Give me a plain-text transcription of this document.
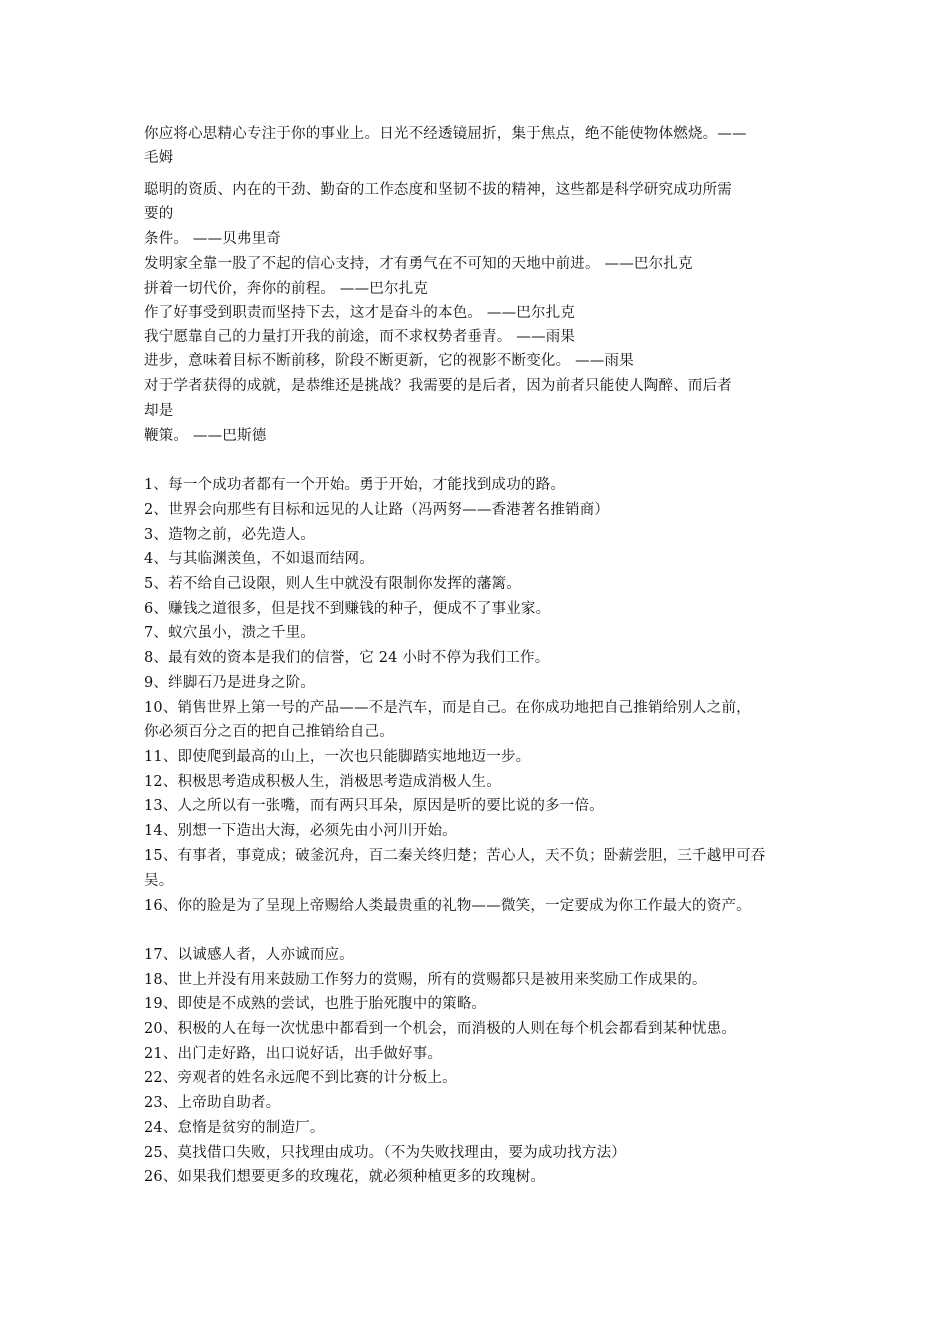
你应将心思精心专注于你的事业上。日光不经透镜屈折，集于焦点，绝不能使物体燃烧。——
毛姆
聪明的资质、内在的干劲、勤奋的工作态度和坚韧不拔的精神，这些都是科学研究成功所需
要的
条件。 ——贝弗里奇
发明家全靠一股了不起的信心支持，才有勇气在不可知的天地中前进。 ——巴尔扎克
拼着一切代价，奔你的前程。 ——巴尔扎克
作了好事受到职责而坚持下去，这才是奋斗的本色。 ——巴尔扎克
我宁愿靠自己的力量打开我的前途，而不求权势者垂青。 ——雨果
进步，意味着目标不断前移，阶段不断更新，它的视影不断变化。 ——雨果
对于学者获得的成就，是恭维还是挑战？我需要的是后者，因为前者只能使人陶醉、而后者
却是
鞭策。 ——巴斯德
1、每一个成功者都有一个开始。勇于开始，才能找到成功的路。
2、世界会向那些有目标和远见的人让路（冯两努——香港著名推销商）
3、造物之前，必先造人。
4、与其临渊羡鱼，不如退而结网。
5、若不给自己设限，则人生中就没有限制你发挥的藩篱。
6、赚钱之道很多，但是找不到赚钱的种子，便成不了事业家。
7、蚁穴虽小，溃之千里。
8、最有效的资本是我们的信誉，它 24 小时不停为我们工作。
9、绊脚石乃是进身之阶。
10、销售世界上第一号的产品——不是汽车，而是自己。在你成功地把自己推销给别人之前，
你必须百分之百的把自己推销给自己。
11、即使爬到最高的山上，一次也只能脚踏实地地迈一步。
12、积极思考造成积极人生，消极思考造成消极人生。
13、人之所以有一张嘴，而有两只耳朵，原因是听的要比说的多一倍。
14、别想一下造出大海，必须先由小河川开始。
15、有事者，事竟成；破釜沉舟，百二秦关终归楚；苦心人，天不负；卧薪尝胆，三千越甲可吞
吴。
16、你的脸是为了呈现上帝赐给人类最贵重的礼物——微笑，一定要成为你工作最大的资产。
17、以诚感人者，人亦诚而应。
18、世上并没有用来鼓励工作努力的赏赐，所有的赏赐都只是被用来奖励工作成果的。
19、即使是不成熟的尝试，也胜于胎死腹中的策略。
20、积极的人在每一次忧患中都看到一个机会，而消极的人则在每个机会都看到某种忧患。
21、出门走好路，出口说好话，出手做好事。
22、旁观者的姓名永远爬不到比赛的计分板上。
23、上帝助自助者。
24、怠惰是贫穷的制造厂。
25、莫找借口失败，只找理由成功。（不为失败找理由，要为成功找方法）
26、如果我们想要更多的玫瑰花，就必须种植更多的玫瑰树。
